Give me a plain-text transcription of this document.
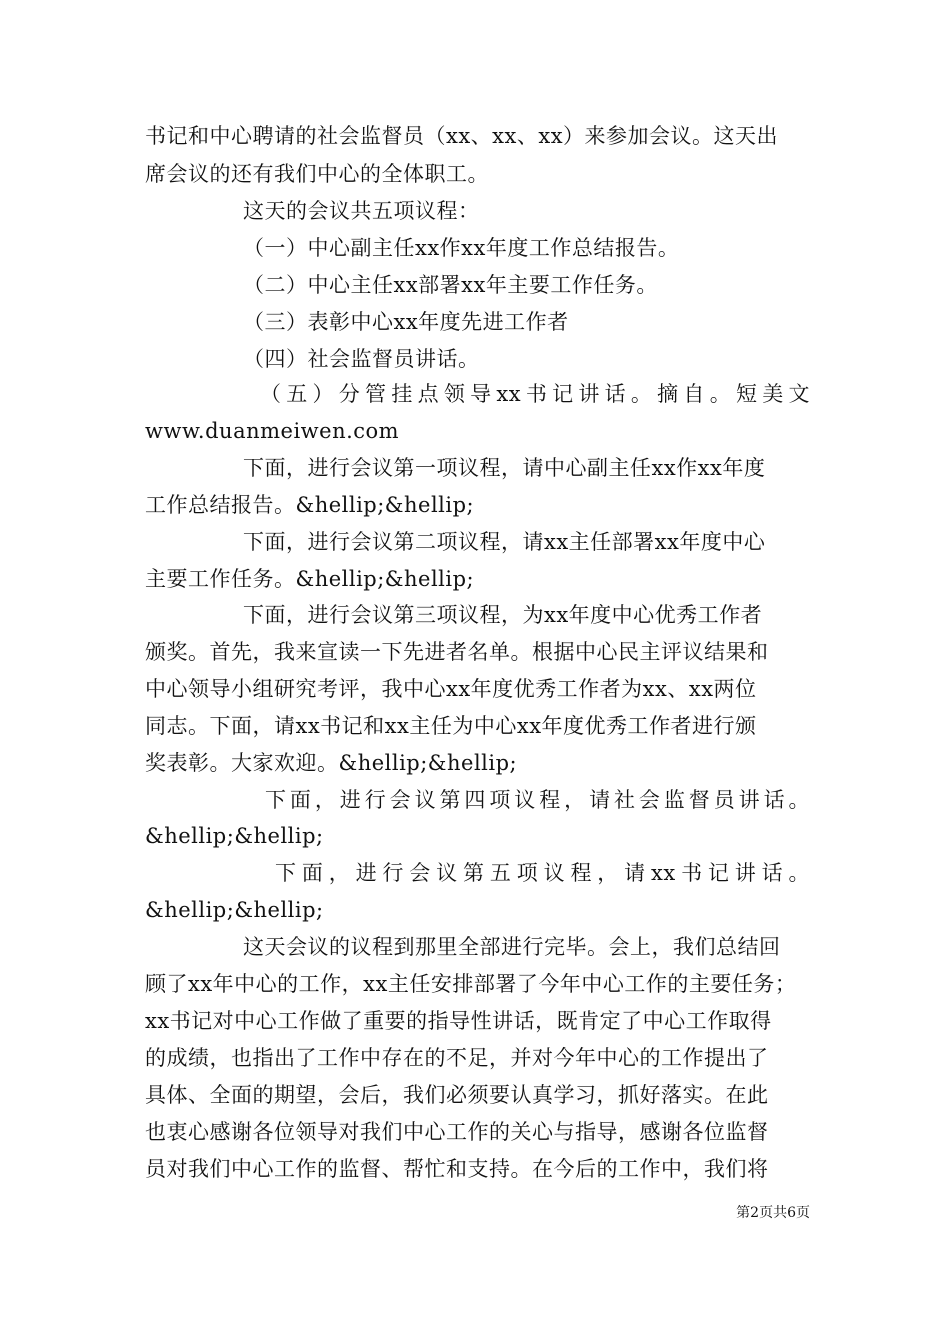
书记和中心聘请的社会监督员（xx、xx、xx）来参加会议。这天出
席会议的还有我们中心的全体职工。
这天的会议共五项议程：
（一）中心副主任xx作xx年度工作总结报告。
（二）中心主任xx部署xx年主要工作任务。
（三）表彰中心xx年度先进工作者
（四）社会监督员讲话。
（五）分管挂点领导xx书记讲话。摘自。短美文
www.duanmeiwen.com
下面，进行会议第一项议程，请中心副主任xx作xx年度
工作总结报告。&hellip;&hellip;
下面，进行会议第二项议程，请xx主任部署xx年度中心
主要工作任务。&hellip;&hellip;
下面，进行会议第三项议程，为xx年度中心优秀工作者
颁奖。首先，我来宣读一下先进者名单。根据中心民主评议结果和
中心领导小组研究考评，我中心xx年度优秀工作者为xx、xx两位
同志。下面，请xx书记和xx主任为中心xx年度优秀工作者进行颁
奖表彰。大家欢迎。&hellip;&hellip;
下面，进行会议第四项议程，请社会监督员讲话。
&hellip;&hellip;
下面，进行会议第五项议程，请xx书记讲话。
&hellip;&hellip;
这天会议的议程到那里全部进行完毕。会上，我们总结回
顾了xx年中心的工作，xx主任安排部署了今年中心工作的主要任务；
xx书记对中心工作做了重要的指导性讲话，既肯定了中心工作取得
的成绩，也指出了工作中存在的不足，并对今年中心的工作提出了
具体、全面的期望，会后，我们必须要认真学习，抓好落实。在此
也衷心感谢各位领导对我们中心工作的关心与指导，感谢各位监督
员对我们中心工作的监督、帮忙和支持。在今后的工作中，我们将
第2页共6页
